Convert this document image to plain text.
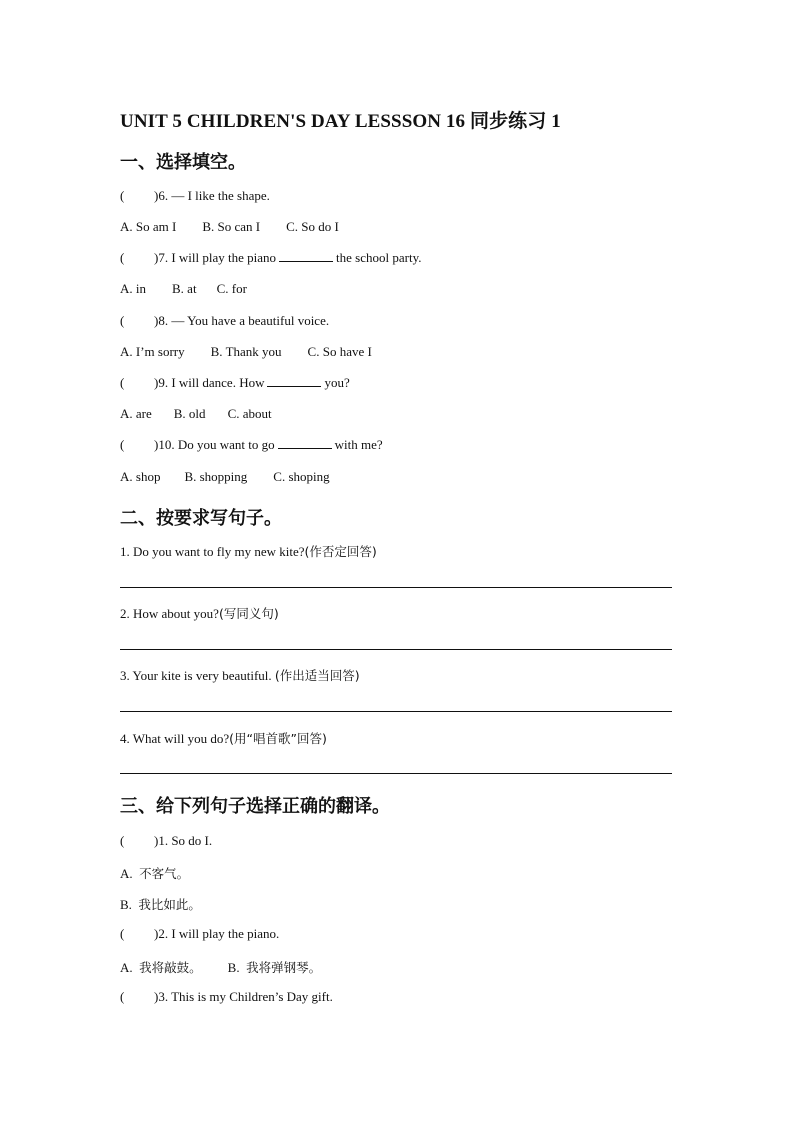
UNIT 5 CHILDREN'S DAY LESSSON 16 同步练习 1
一、选择填空。
( )6. — I like the shape.
A. So am I B. So can I C. So do I
( )7. I will play the piano	the school party.
A. in B. at C. for
( )8. — You have a beautiful voice.
A. I’m sorry B. Thank you C. So have I
( )9. I will dance. How	you?
A. are B. old C. about
( )10. Do you want to go	with me?
A. shop B. shopping C. shoping
二、按要求写句子。
1. Do you want to fly my new kite?(作否定回答)
2. How about you?(写同义句)
3. Your kite is very beautiful. (作出适当回答)
4. What will you do?(用“唱首歌”回答)
三、给下列句子选择正确的翻译。
( )1. So do I.
A. 不客气。
B. 我比如此。
( )2. I will play the piano.
A. 我将敲鼓。 B. 我将弹钢琴。
( )3. This is my Children’s Day gift.
